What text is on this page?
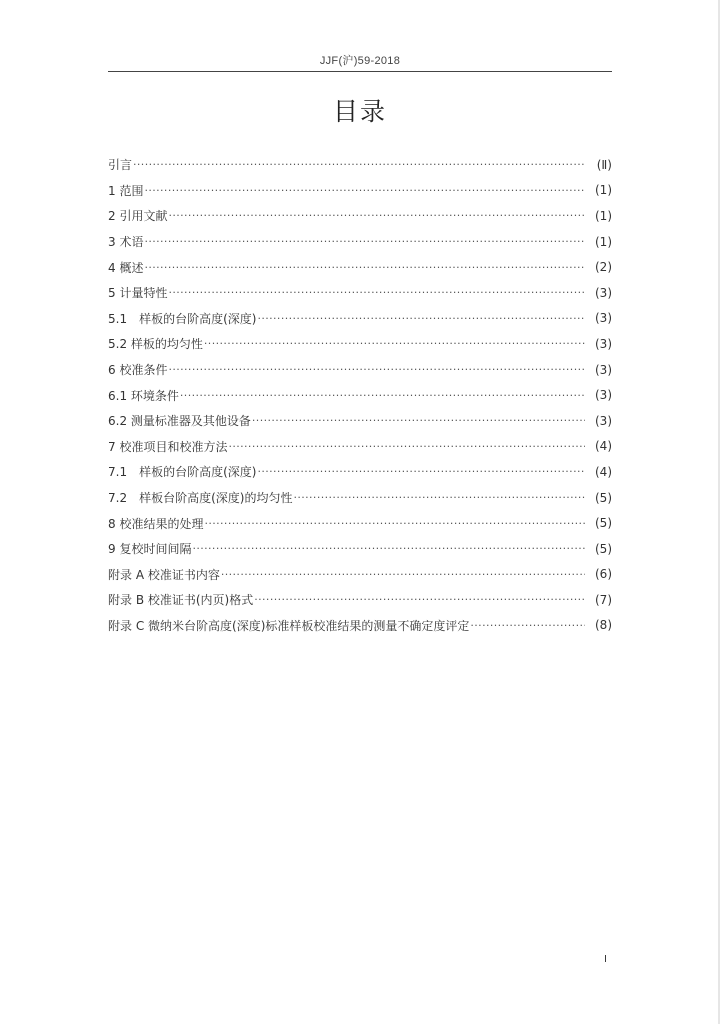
JJF(沪)59-2018
目录
引言 ·····	(Ⅱ)
1 范围 ·····	(1)
2 引用文献 ·····	(1)
3 术语 ·····	(1)
4 概述 ·····	(2)
5 计量特性 ·····	(3)
5.1　样板的台阶高度(深度) ·····	(3)
5.2 样板的均匀性 ·····	(3)
6 校准条件 ·····	(3)
6.1 环境条件 ·····	(3)
6.2 测量标准器及其他设备 ·····	(3)
7 校准项目和校准方法 ·····	(4)
7.1　样板的台阶高度(深度) ·····	(4)
7.2　样板台阶高度(深度)的均匀性 ·····	(5)
8 校准结果的处理 ·····	(5)
9 复校时间间隔 ·····	(5)
附录 A 校准证书内容 ·····	(6)
附录 B 校准证书(内页)格式 ·····	(7)
附录 C 微纳米台阶高度(深度)标准样板校准结果的测量不确定度评定 ·····	(8)
I
